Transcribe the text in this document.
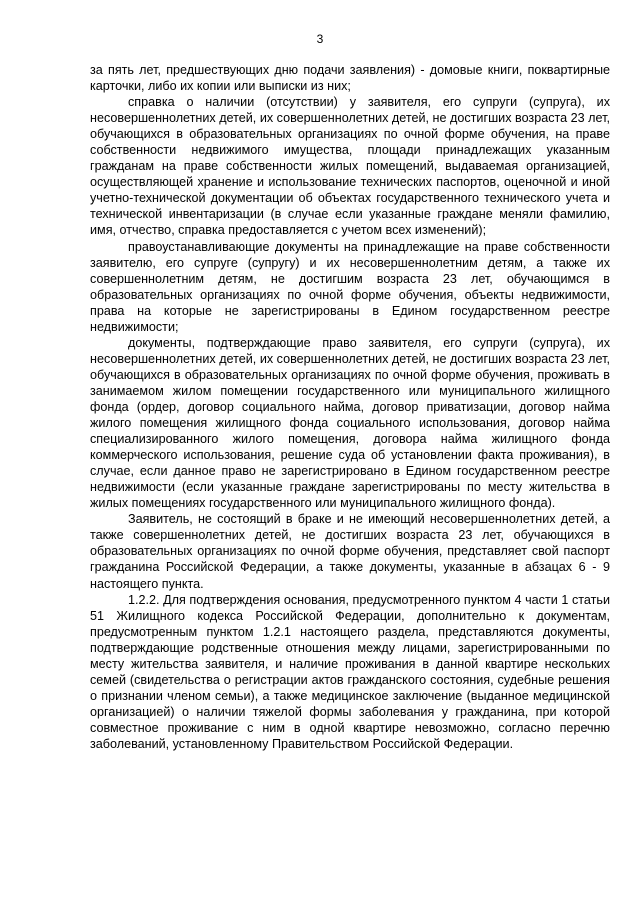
3

за пять лет, предшествующих дню подачи заявления) - домовые книги, поквартирные карточки, либо их копии или выписки из них;

справка о наличии (отсутствии) у заявителя, его супруги (супруга), их несовершеннолетних детей, их совершеннолетних детей, не достигших возраста 23 лет, обучающихся в образовательных организациях по очной форме обучения, на праве собственности недвижимого имущества, площади принадлежащих указанным гражданам на праве собственности жилых помещений, выдаваемая организацией, осуществляющей хранение и использование технических паспортов, оценочной и иной учетно-технической документации об объектах государственного технического учета и технической инвентаризации (в случае если указанные граждане меняли фамилию, имя, отчество, справка предоставляется с учетом всех изменений);

правоустанавливающие документы на принадлежащие на праве собственности заявителю, его супруге (супругу) и их несовершеннолетним детям, а также их совершеннолетним детям, не достигшим возраста 23 лет, обучающимся в образовательных организациях по очной форме обучения, объекты недвижимости, права на которые не зарегистрированы в Едином государственном реестре недвижимости;

документы, подтверждающие право заявителя, его супруги (супруга), их несовершеннолетних детей, их совершеннолетних детей, не достигших возраста 23 лет, обучающихся в образовательных организациях по очной форме обучения, проживать в занимаемом жилом помещении государственного или муниципального жилищного фонда (ордер, договор социального найма, договор приватизации, договор найма жилого помещения жилищного фонда социального использования, договор найма специализированного жилого помещения, договора найма жилищного фонда коммерческого использования, решение суда об установлении факта проживания), в случае, если данное право не зарегистрировано в Едином государственном реестре недвижимости (если указанные граждане зарегистрированы по месту жительства в жилых помещениях государственного или муниципального жилищного фонда).

Заявитель, не состоящий в браке и не имеющий несовершеннолетних детей, а также совершеннолетних детей, не достигших возраста 23 лет, обучающихся в образовательных организациях по очной форме обучения, представляет свой паспорт гражданина Российской Федерации, а также документы, указанные в абзацах 6 - 9 настоящего пункта.

1.2.2. Для подтверждения основания, предусмотренного пунктом 4 части 1 статьи 51 Жилищного кодекса Российской Федерации, дополнительно к документам, предусмотренным пунктом 1.2.1 настоящего раздела, представляются документы, подтверждающие родственные отношения между лицами, зарегистрированными по месту жительства заявителя, и наличие проживания в данной квартире нескольких семей (свидетельства о регистрации актов гражданского состояния, судебные решения о признании членом семьи), а также медицинское заключение (выданное медицинской организацией) о наличии тяжелой формы заболевания у гражданина, при которой совместное проживание с ним в одной квартире невозможно, согласно перечню заболеваний, установленному Правительством Российской Федерации.
